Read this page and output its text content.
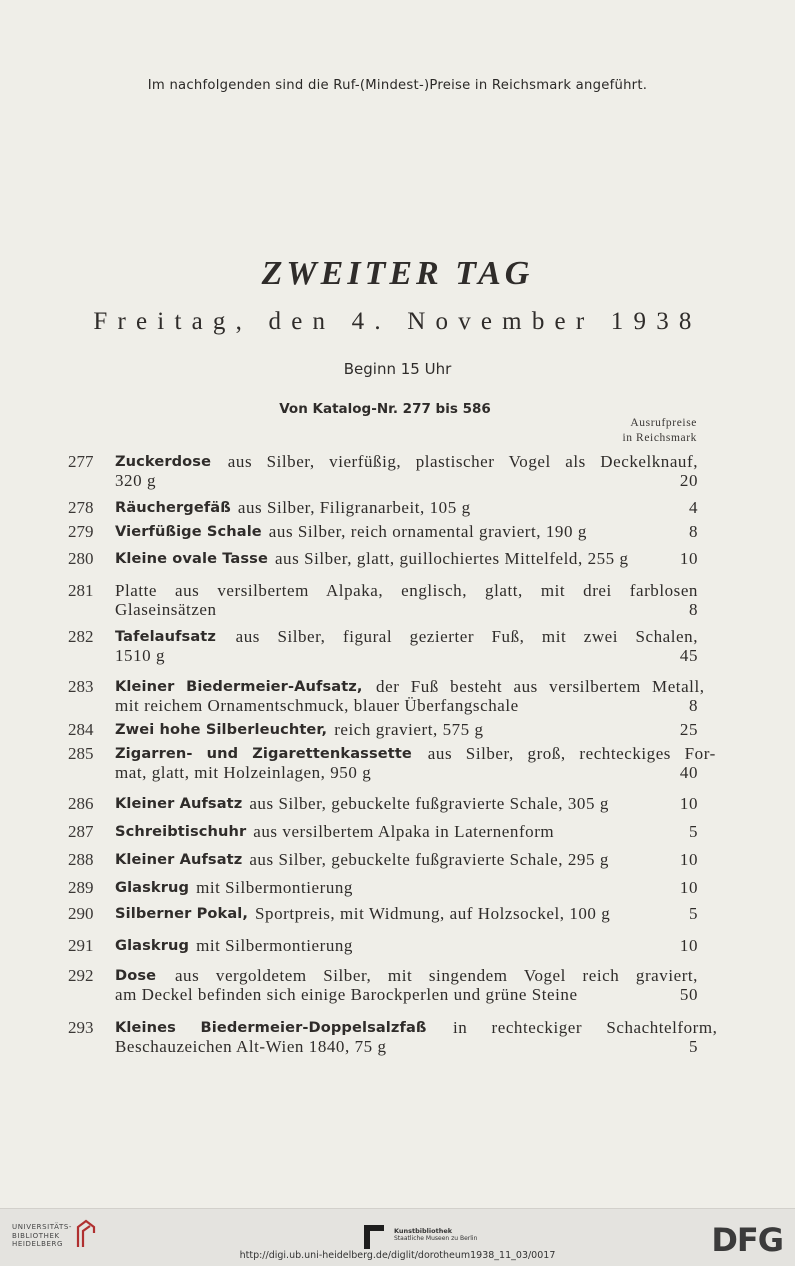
Im nachfolgenden sind die Ruf-(Mindest-)Preise in Reichsmark angeführt.
ZWEITER TAG
Freitag, den 4. November 1938
Beginn 15 Uhr
Von Katalog-Nr. 277 bis 586
Ausrufpreise
in Reichsmark
277	Zuckerdose aus Silber, vierfüßig, plastischer Vogel als Deckelknauf,
320 g	20
278	Räuchergefäß aus Silber, Filigranarbeit, 105 g	4
279	Vierfüßige Schale aus Silber, reich ornamental graviert, 190 g	8
280	Kleine ovale Tasse aus Silber, glatt, guillochiertes Mittelfeld, 255 g	10
281	Platte aus versilbertem Alpaka, englisch, glatt, mit drei farblosen
Glaseinsätzen	8
282	Tafelaufsatz aus Silber, figural gezierter Fuß, mit zwei Schalen,
1510 g	45
283	Kleiner Biedermeier-Aufsatz, der Fuß besteht aus versilbertem Metall,
mit reichem Ornamentschmuck, blauer Überfangschale	8
284	Zwei hohe Silberleuchter, reich graviert, 575 g	25
285	Zigarren- und Zigarettenkassette aus Silber, groß, rechteckiges For-
mat, glatt, mit Holzeinlagen, 950 g	40
286	Kleiner Aufsatz aus Silber, gebuckelte fußgravierte Schale, 305 g	10
287	Schreibtischuhr aus versilbertem Alpaka in Laternenform	5
288	Kleiner Aufsatz aus Silber, gebuckelte fußgravierte Schale, 295 g	10
289	Glaskrug mit Silbermontierung	10
290	Silberner Pokal, Sportpreis, mit Widmung, auf Holzsockel, 100 g	5
291	Glaskrug mit Silbermontierung	10
292	Dose aus vergoldetem Silber, mit singendem Vogel reich graviert,
am Deckel befinden sich einige Barockperlen und grüne Steine	50
293	Kleines Biedermeier-Doppelsalzfaß in rechteckiger Schachtelform,
Beschauzeichen Alt-Wien 1840, 75 g	5
UNIVERSITÄTS-
BIBLIOTHEK
HEIDELBERG
Kunstbibliothek
Staatliche Museen zu Berlin	DFG
http://digi.ub.uni-heidelberg.de/diglit/dorotheum1938_11_03/0017
